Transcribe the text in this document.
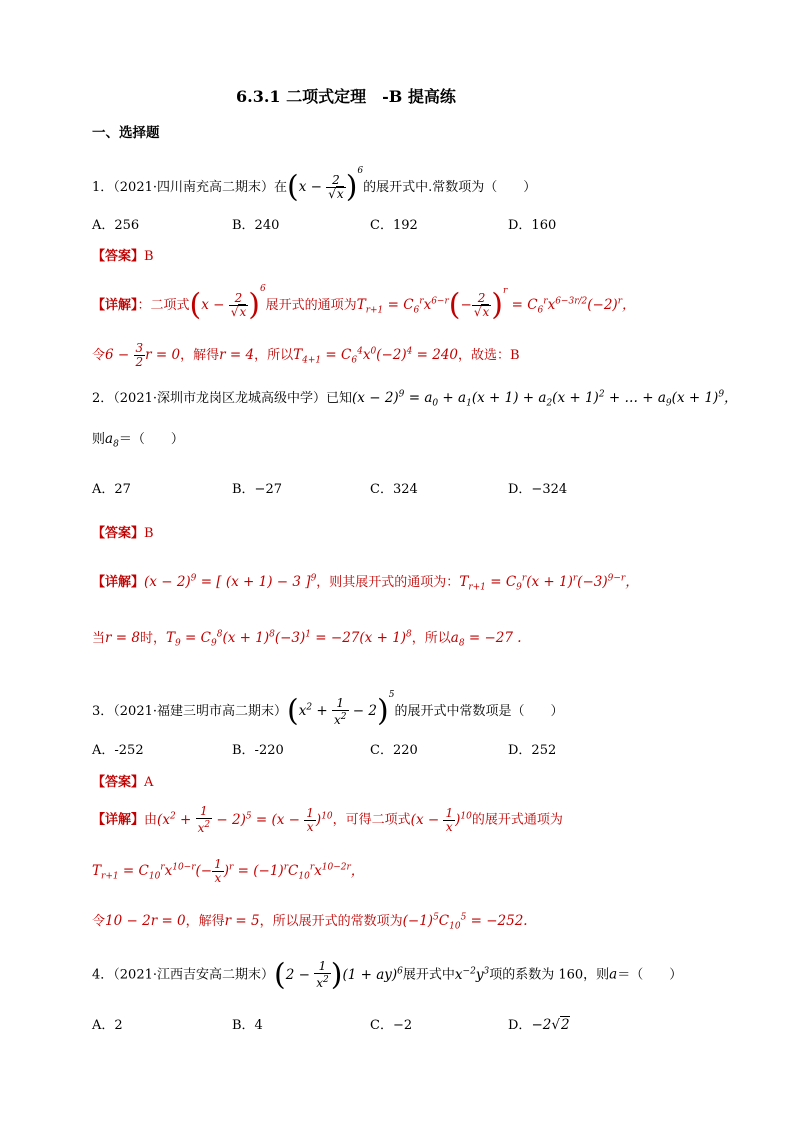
6.3.1 二项式定理　-B 提高练
一、选择题
1．（2021·四川南充高二期末）在$(x - \frac{2}{√x} )^6$的展开式中.常数项为（　　）
A．256	B．240	C．192	D．160
【答案】B
【详解】：二项式$(x - \frac{2}{√x} )^6$展开式的通项为$T_{r+1} = C_6^rx^{6-r}(- \frac{2}{√x} )^r = C_6^rx^{6-3r/2}(-2)^r$，
令$6 - \frac{3}{2}$ r = 0，解得r = 4，所以$T_{4+1} = C_6^4x^0(-2)^4 = 240$，故选：B
2．（2021·深圳市龙岗区龙城高级中学）已知$(x - 2)^9 = a_0 + a_1(x + 1) + a_2(x + 1)^2$ + … + $a_9(x + 1)^9$，
则$a_8=$（　　）
A．27	B．−27	C．324	D．−324
【答案】B
【详解】$(x - 2)^9$ = [ (x + 1) − 3 ]$^9$，则其展开式的通项为：$T_{r+1} = C_9^r(x + 1)^r(-3)^{9-r}$，
当r = 8时，$T_9 = C_9^8(x + 1)^8(-3)^1 = -27(x + 1)^8$，所以$a_8 = -27$ .
3．（2021·福建三明市高二期末）$(x^2 + \frac{1}{x^2} - 2)^5$的展开式中常数项是（　　）
A．-252	B．-220	C．220	D．252
【答案】A
【详解】由$(x^2 + \frac{1}{x^2} - 2)^5 = (x - \frac{1}{x} )^{10}$，可得二项式$(x - \frac{1}{x} )^{10}$的展开式通项为
$T_{r+1} = C_{10}^rx^{10-r}(- \frac{1}{x} )^r = (-1)^rC_{10}^rx^{10-2r}$，
令10 − 2r = 0，解得r = 5，所以展开式的常数项为$(-1)^5C_{10}^5 = -252$.
4．（2021·江西吉安高二期末）$(2 - \frac{1}{x^2} )(1 + ay)^6$展开式中$x^{-2}y^3$项的系数为 160，则a＝（　　）
A．2	B．4	C．−2	D．−2√2
